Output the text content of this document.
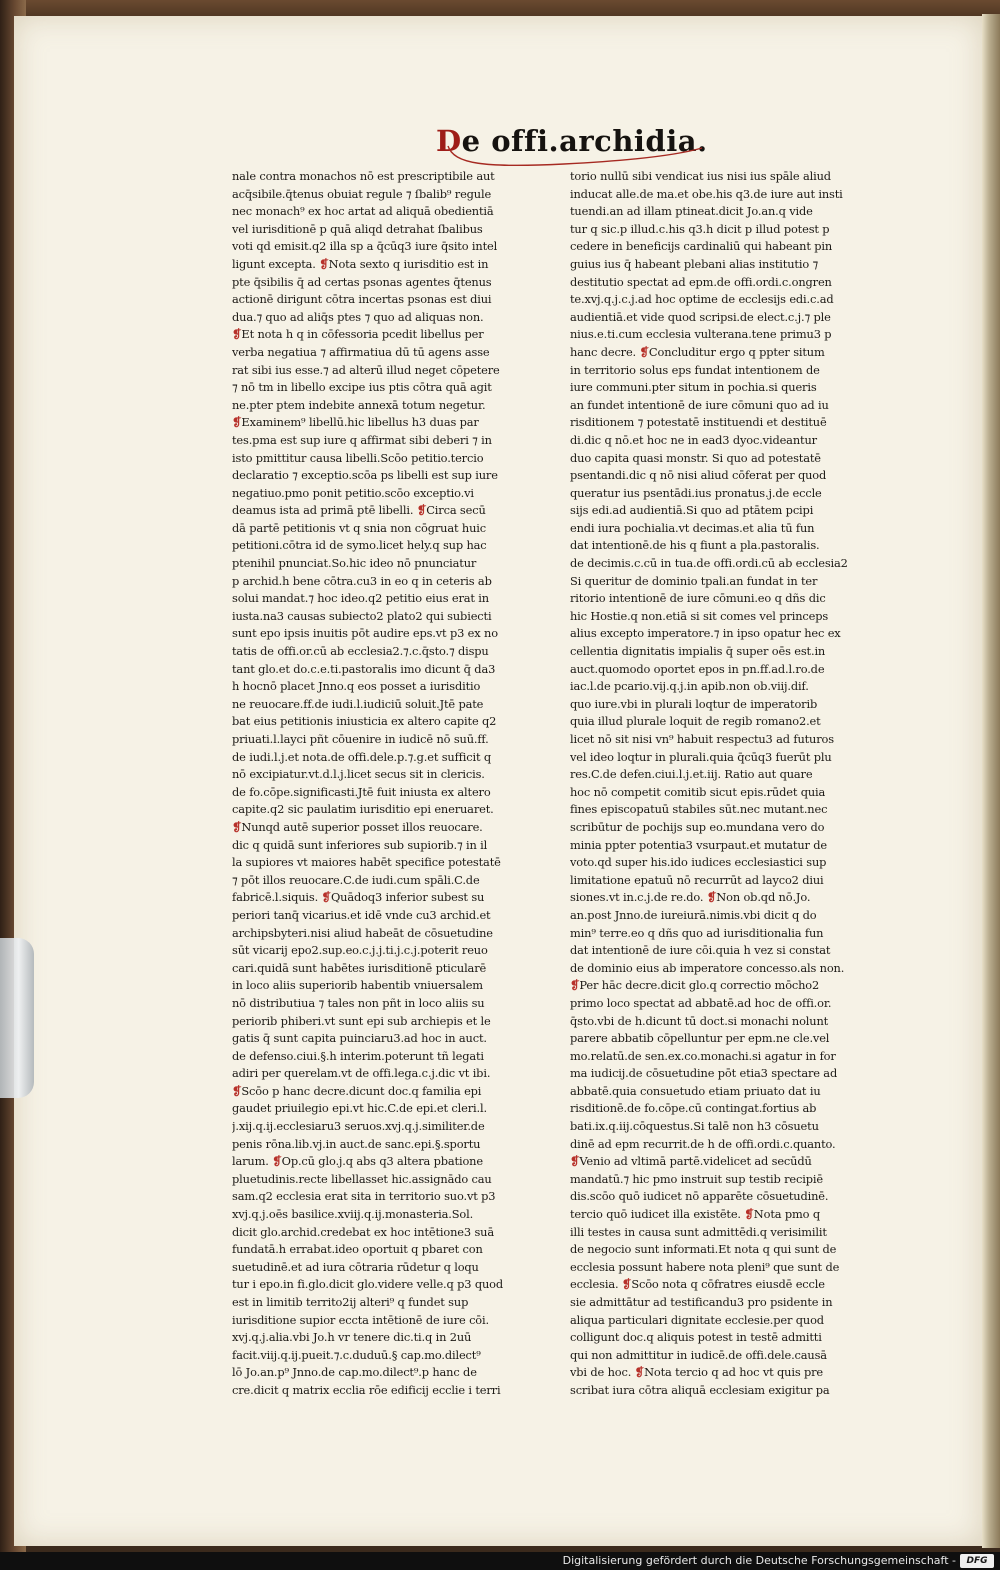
De offi.archidia.
nale contra monachos nō est prescriptibile aut
acq̄sibile.q̄tenus obuiat regule ⁊ ſbalib⁹ regule
nec monach⁹ ex hoc artat ad aliquā obedientiā
vel iurisditionē p quā aliqd detrahat ſbalibus
voti qd emisit.q2 illa sp a q̄cūq3 iure q̄sito intel
ligunt excepta. ❡Nota sexto q iurisditio est in
pte q̄sibilis q̄ ad certas psonas agentes q̄tenus
actionē dirigunt cōtra incertas psonas est diui
dua.⁊ quo ad aliq̄s ptes ⁊ quo ad aliquas non.
❡Et nota h q in cōfessoria pcedit libellus per
verba negatiua ⁊ affirmatiua dū tū agens asse
rat sibi ius esse.⁊ ad alterū illud neget cōpetere
⁊ nō tm in libello excipe ius ptis cōtra quā agit
ne.pter ptem indebite annexā totum negetur.
❡Examinem⁹ libellū.hic libellus h3 duas par
tes.pma est sup iure q affirmat sibi deberi ⁊ in
isto pmittitur causa libelli.Scōo petitio.tercio
declaratio ⁊ exceptio.scōa ps libelli est sup iure
negatiuo.pmo ponit petitio.scōo exceptio.vi
deamus ista ad primā ptē libelli. ❡Circa secū
dā partē petitionis vt q snia non cōgruat huic
petitioni.cōtra id de symo.licet hely.q sup hac
ptenihil pnunciat.So.hic ideo nō pnunciatur
p archid.h bene cōtra.cu3 in eo q in ceteris ab
solui mandat.⁊ hoc ideo.q2 petitio eius erat in
iusta.na3 causas subiecto2 plato2 qui subiecti
sunt epo ipsis inuitis pōt audire eps.vt p3 ex no
tatis de offi.or.cū ab ecclesia2.⁊.c.q̄sto.⁊ dispu
tant glo.et do.c.e.ti.pastoralis imo dicunt q̄ da3
h hocnō placet Jnno.q eos posset a iurisditio
ne reuocare.ff.de iudi.l.iudiciū soluit.Jtē pate
bat eius petitionis iniusticia ex altero capite q2
priuati.l.layci pñt cōuenire in iudicē nō suū.ff.
de iudi.l.j.et nota.de offi.dele.p.⁊.g.et sufficit q
nō excipiatur.vt.d.l.j.licet secus sit in clericis.
de fo.cōpe.significasti.Jtē fuit iniusta ex altero
capite.q2 sic paulatim iurisditio epi eneruaret.
❡Nunqd autē superior posset illos reuocare.
dic q quidā sunt inferiores sub supiorib.⁊ in il
la supiores vt maiores habēt specifice potestatē
⁊ pōt illos reuocare.C.de iudi.cum spāli.C.de
fabricē.l.siquis. ❡Quādoq3 inferior subest su
periori tanq̄ vicarius.et idē vnde cu3 archid.et
archipsbyteri.nisi aliud habeāt de cōsuetudine
sūt vicarij epo2.sup.eo.c.j.j.ti.j.c.j.poterit reuo
cari.quidā sunt habētes iurisditionē pticularē
in loco aliis superiorib habentib vniuersalem
nō distributiua ⁊ tales non pñt in loco aliis su
periorib phiberi.vt sunt epi sub archiepis et le
gatis q̄ sunt capita puinciaru3.ad hoc in auct.
de defenso.ciui.§.h interim.poterunt tñ legati
adiri per querelam.vt de offi.lega.c.j.dic vt ibi.
❡Scōo p hanc decre.dicunt doc.q familia epi
gaudet priuilegio epi.vt hic.C.de epi.et cleri.l.
j.xij.q.ij.ecclesiaru3 seruos.xvj.q.j.similiter.de
penis rōna.lib.vj.in auct.de sanc.epi.§.sportu
larum. ❡Op.cū glo.j.q abs q3 altera pbatione
pluetudinis.recte libellasset hic.assignādo cau
sam.q2 ecclesia erat sita in territorio suo.vt p3
xvj.q.j.oēs basilice.xviij.q.ij.monasteria.Sol.
dicit glo.archid.credebat ex hoc intētione3 suā
fundatā.h errabat.ideo oportuit q pbaret con
suetudinē.et ad iura cōtraria rūdetur q loqu
tur i epo.in fi.glo.dicit glo.videre velle.q p3 quod
est in limitib territo2ij alteri⁹ q fundet sup
iurisditione supior eccta intētionē de iure cōi.
xvj.q.j.alia.vbi Jo.h vr tenere dic.ti.q in 2uū
facit.viij.q.ij.pueit.⁊.c.duduū.§ cap.mo.dilect⁹
lō Jo.an.p⁹ Jnno.de cap.mo.dilect⁹.p hanc de
cre.dicit q matrix ecclia rōe edificij ecclie i terri
torio nullū sibi vendicat ius nisi ius spāle aliud
inducat alle.de ma.et obe.his q3.de iure aut insti
tuendi.an ad illam ptineat.dicit Jo.an.q vide
tur q sic.p illud.c.his q3.h dicit p illud potest p
cedere in beneficijs cardinaliū qui habeant pin
guius ius q̄ habeant plebani alias institutio ⁊
destitutio spectat ad epm.de offi.ordi.c.ongren
te.xvj.q.j.c.j.ad hoc optime de ecclesijs edi.c.ad
audientiā.et vide quod scripsi.de elect.c.j.⁊ ple
nius.e.ti.cum ecclesia vulterana.tene primu3 p
hanc decre. ❡Concluditur ergo q ppter situm
in territorio solus eps fundat intentionem de
iure communi.pter situm in pochia.si queris
an fundet intentionē de iure cōmuni quo ad iu
risditionem ⁊ potestatē instituendi et destituē
di.dic q nō.et hoc ne in ead3 dyoc.videantur
duo capita quasi monstr. Si quo ad potestatē
psentandi.dic q nō nisi aliud cōferat per quod
queratur ius psentādi.ius pronatus.j.de eccle
sijs edi.ad audientiā.Si quo ad ptātem pcipi
endi iura pochialia.vt decimas.et alia tū fun
dat intentionē.de his q fiunt a pla.pastoralis.
de decimis.c.cū in tua.de offi.ordi.cū ab ecclesia2
Si queritur de dominio tpali.an fundat in ter
ritorio intentionē de iure cōmuni.eo q dñs dic
hic Hostie.q non.etiā si sit comes vel princeps
alius excepto imperatore.⁊ in ipso opatur hec ex
cellentia dignitatis impialis q̄ super oēs est.in
auct.quomodo oportet epos in pn.ff.ad.l.ro.de
iac.l.de pcario.vij.q.j.in apib.non ob.viij.dif.
quo iure.vbi in plurali loqtur de imperatorib
quia illud plurale loquit de regib romano2.et
licet nō sit nisi vn⁹ habuit respectu3 ad futuros
vel ideo loqtur in plurali.quia q̄cūq3 fuerūt plu
res.C.de defen.ciui.l.j.et.iij. Ratio aut quare
hoc nō competit comitib sicut epis.rūdet quia
fines episcopatuū stabiles sūt.nec mutant.nec
scribūtur de pochijs sup eo.mundana vero do
minia ppter potentia3 vsurpaut.et mutatur de
voto.qd super his.ido iudices ecclesiastici sup
limitatione epatuū nō recurrūt ad layco2 diui
siones.vt in.c.j.de re.do. ❡Non ob.qd nō.Jo.
an.post Jnno.de iureiurā.nimis.vbi dicit q do
min⁹ terre.eo q dñs quo ad iurisditionalia fun
dat intentionē de iure cōi.quia h vez si constat
de dominio eius ab imperatore concesso.als non.
❡Per hāc decre.dicit glo.q correctio mōcho2
primo loco spectat ad abbatē.ad hoc de offi.or.
q̄sto.vbi de h.dicunt tū doct.si monachi nolunt
parere abbatib cōpelluntur per epm.ne cle.vel
mo.relatū.de sen.ex.co.monachi.si agatur in for
ma iudicij.de cōsuetudine pōt etia3 spectare ad
abbatē.quia consuetudo etiam priuato dat iu
risditionē.de fo.cōpe.cū contingat.fortius ab
bati.ix.q.iij.cōquestus.Si talē non h3 cōsuetu
dinē ad epm recurrit.de h de offi.ordi.c.quanto.
❡Venio ad vltimā partē.videlicet ad secūdū
mandatū.⁊ hic pmo instruit sup testib recipiē
dis.scōo quō iudicet nō apparēte cōsuetudinē.
tercio quō iudicet illa existēte. ❡Nota pmo q
illi testes in causa sunt admittēdi.q verisimilit
de negocio sunt informati.Et nota q qui sunt de
ecclesia possunt habere nota pleni⁹ que sunt de
ecclesia. ❡Scōo nota q cōfratres eiusdē eccle
sie admittātur ad testificandu3 pro psidente in
aliqua particulari dignitate ecclesie.per quod
colligunt doc.q aliquis potest in testē admitti
qui non admittitur in iudicē.de offi.dele.causā
vbi de hoc. ❡Nota tercio q ad hoc vt quis pre
scribat iura cōtra aliquā ecclesiam exigitur pa
Digitalisierung gefördert durch die Deutsche Forschungsgemeinschaft -	DFG
